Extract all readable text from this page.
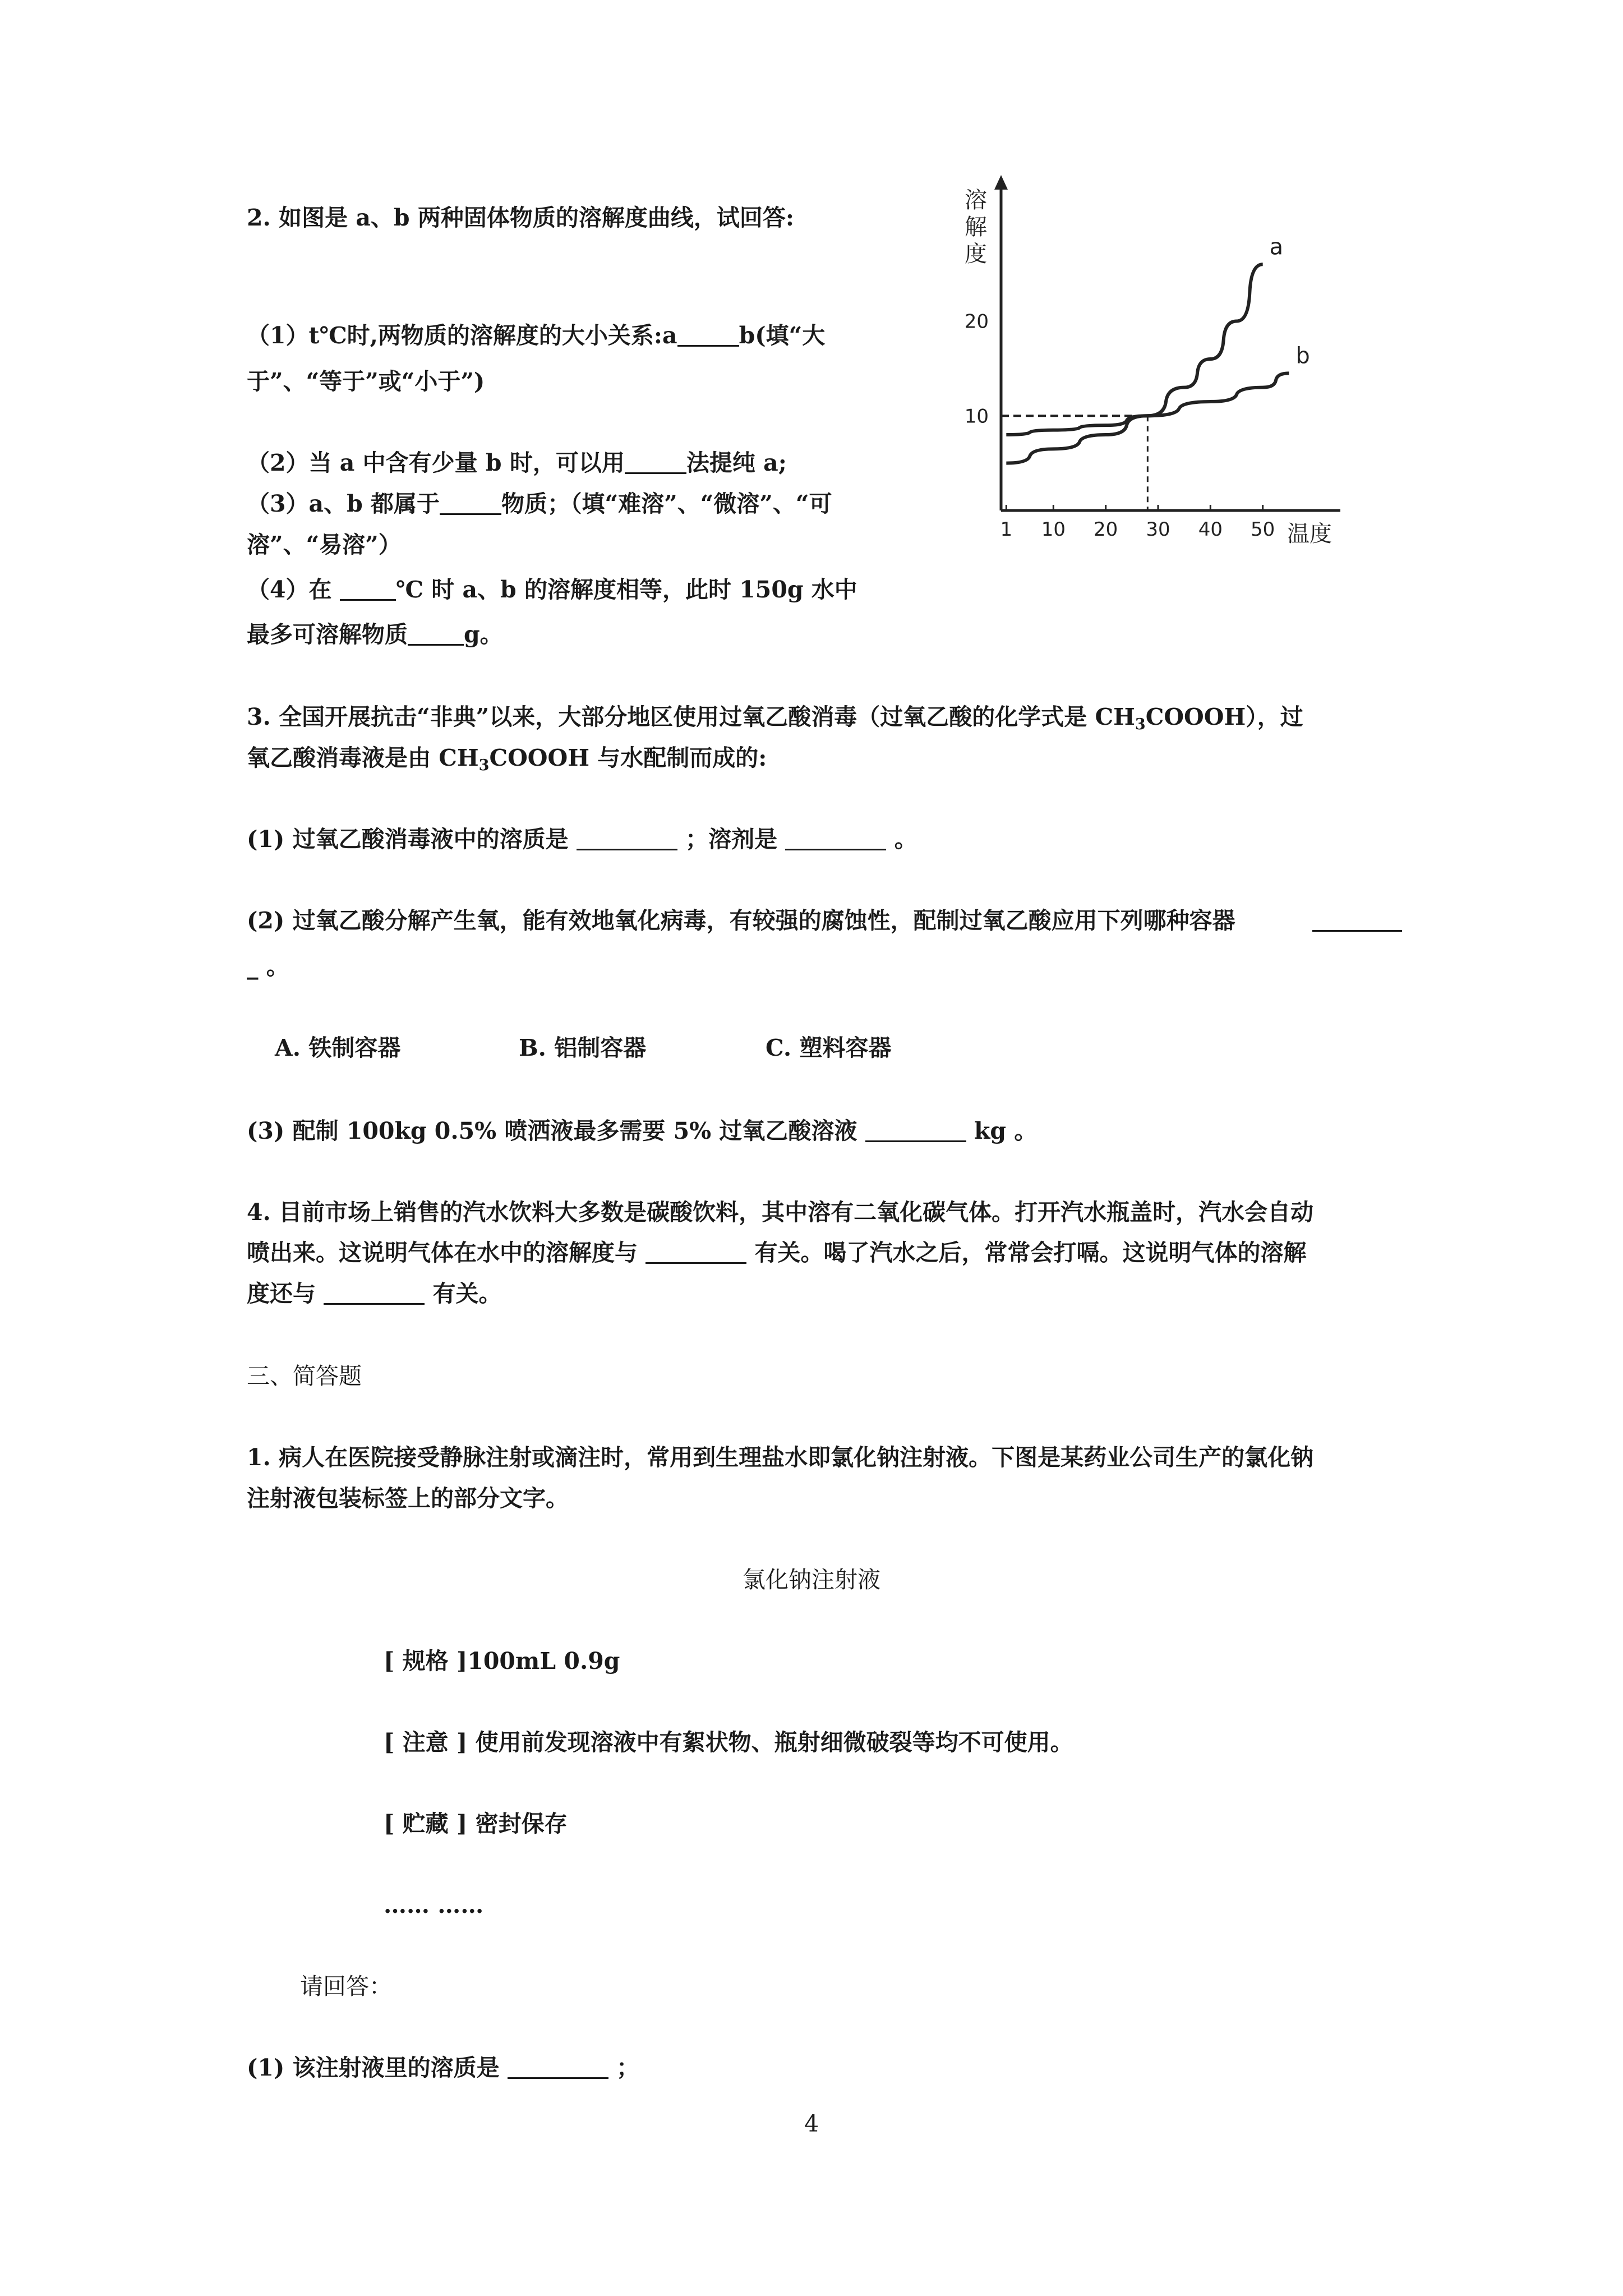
2. 如图是 a、b 两种固体物质的溶解度曲线，试回答:
（1）t℃时,两物质的溶解度的大小关系:a	b(填“大
于”、“等于”或“小于”)
（2）当 a 中含有少量 b 时，可以用	法提纯 a;
（3）a、b 都属于	物质；（填“难溶”、“微溶”、“可
溶”、“易溶”）
（4）在	℃ 时 a、b 的溶解度相等，此时 150g 水中
最多可溶解物质 g。
1 10 20 30 40 50
10
20
a
b
溶解度
温度
3. 全国开展抗击“非典”以来，大部分地区使用过氧乙酸消毒（过氧乙酸的化学式是 $CH_3COOOH$），过
氧乙酸消毒液是由 $CH_3COOOH$ 与水配制而成的:
(1) 过氧乙酸消毒液中的溶质是	；溶剂是	。
(2) 过氧乙酸分解产生氧，能有效地氧化病毒，有较强的腐蚀性，配制过氧乙酸应用下列哪种容器
_ 。
A. 铁制容器	B. 铝制容器	C. 塑料容器
(3) 配制 100kg 0.5% 喷洒液最多需要 5% 过氧乙酸溶液	kg 。
4. 目前市场上销售的汽水饮料大多数是碳酸饮料，其中溶有二氧化碳气体。打开汽水瓶盖时，汽水会自动
喷出来。这说明气体在水中的溶解度与	有关。喝了汽水之后，常常会打嗝。这说明气体的溶解
度还与	有关。
三、简答题
1. 病人在医院接受静脉注射或滴注时，常用到生理盐水即氯化钠注射液。下图是某药业公司生产的氯化钠
注射液包装标签上的部分文字。
氯化钠注射液
[ 规格 ]100mL 0.9g
[ 注意 ] 使用前发现溶液中有絮状物、瓶射细微破裂等均不可使用。
[ 贮藏 ] 密封保存
…… ……
请回答：
(1) 该注射液里的溶质是	；
4
